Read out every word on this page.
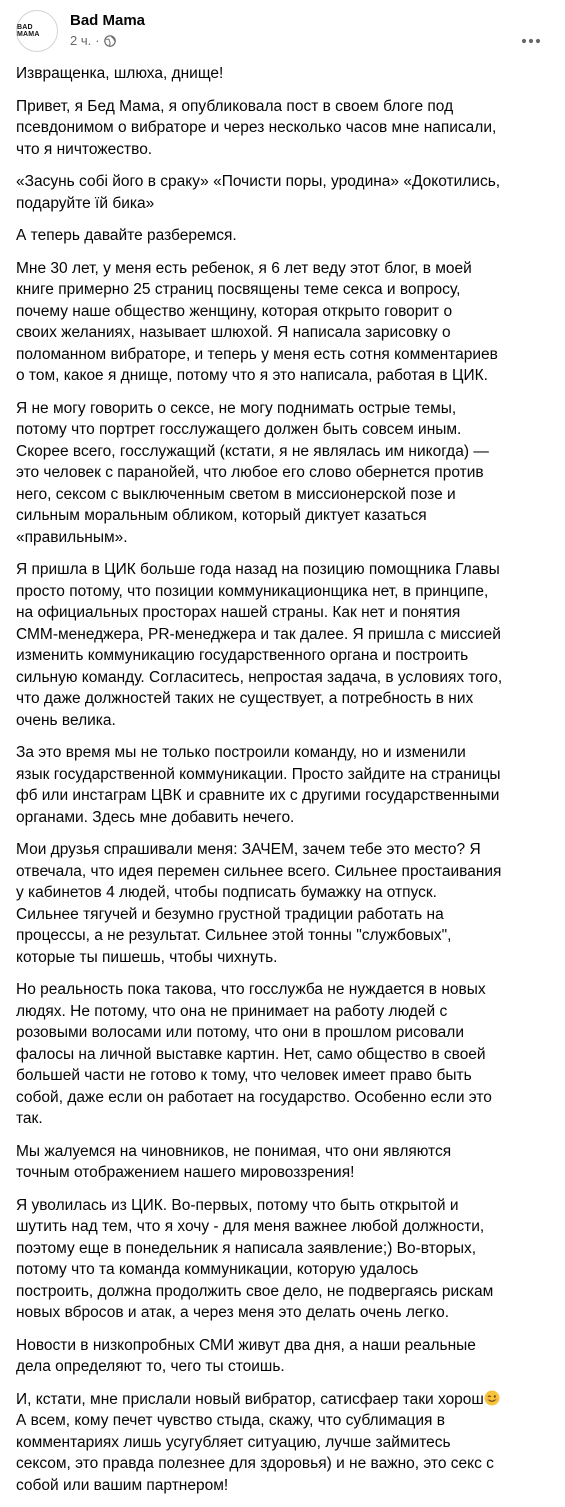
BAD MAMA
Bad Mama
2 ч. ·

Извращенка, шлюха, днище!

Привет, я Бед Мама, я опубликовала пост в своем блоге под
псевдонимом о вибраторе и через несколько часов мне написали,
что я ничтожество.

«Засунь собі його в сраку» «Почисти поры, уродина» «Докотились,
подаруйте їй бика»

А теперь давайте разберемся.

Мне 30 лет, у меня есть ребенок, я 6 лет веду этот блог, в моей
книге примерно 25 страниц посвящены теме секса и вопросу,
почему наше общество женщину, которая открыто говорит о
своих желаниях, называет шлюхой. Я написала зарисовку о
поломанном вибраторе, и теперь у меня есть сотня комментариев
о том, какое я днище, потому что я это написала, работая в ЦИК.

Я не могу говорить о сексе, не могу поднимать острые темы,
потому что портрет госслужащего должен быть совсем иным.
Скорее всего, госслужащий (кстати, я не являлась им никогда) —
это человек с паранойей, что любое его слово обернется против
него, сексом с выключенным светом в миссионерской позе и
сильным моральным обликом, который диктует казаться
«правильным».

Я пришла в ЦИК больше года назад на позицию помощника Главы
просто потому, что позиции коммуникационщика нет, в принципе,
на официальных просторах нашей страны. Как нет и понятия
СММ-менеджера, PR-менеджера и так далее. Я пришла с миссией
изменить коммуникацию государственного органа и построить
сильную команду. Согласитесь, непростая задача, в условиях того,
что даже должностей таких не существует, а потребность в них
очень велика.

За это время мы не только построили команду, но и изменили
язык государственной коммуникации. Просто зайдите на страницы
фб или инстаграм ЦВК и сравните их с другими государственными
органами. Здесь мне добавить нечего.

Мои друзья спрашивали меня: ЗАЧЕМ, зачем тебе это место? Я
отвечала, что идея перемен сильнее всего. Сильнее простаивания
у кабинетов 4 людей, чтобы подписать бумажку на отпуск.
Сильнее тягучей и безумно грустной традиции работать на
процессы, а не результат. Сильнее этой тонны "службовых",
которые ты пишешь, чтобы чихнуть.

Но реальность пока такова, что госслужба не нуждается в новых
людях. Не потому, что она не принимает на работу людей с
розовыми волосами или потому, что они в прошлом рисовали
фалосы на личной выставке картин. Нет, само общество в своей
большей части не готово к тому, что человек имеет право быть
собой, даже если он работает на государство. Особенно если это
так.

Мы жалуемся на чиновников, не понимая, что они являются
точным отображением нашего мировоззрения!

Я уволилась из ЦИК. Во-первых, потому что быть открытой и
шутить над тем, что я хочу - для меня важнее любой должности,
поэтому еще в понедельник я написала заявление;) Во-вторых,
потому что та команда коммуникации, которую удалось
построить, должна продолжить свое дело, не подвергаясь рискам
новых вбросов и атак, а через меня это делать очень легко.

Новости в низкопробных СМИ живут два дня, а наши реальные
дела определяют то, чего ты стоишь.

И, кстати, мне прислали новый вибратор, сатисфаер таки хорош
А всем, кому печет чувство стыда, скажу, что сублимация в
комментариях лишь усугубляет ситуацию, лучше займитесь
сексом, это правда полезнее для здоровья) и не важно, это секс с
собой или вашим партнером!
